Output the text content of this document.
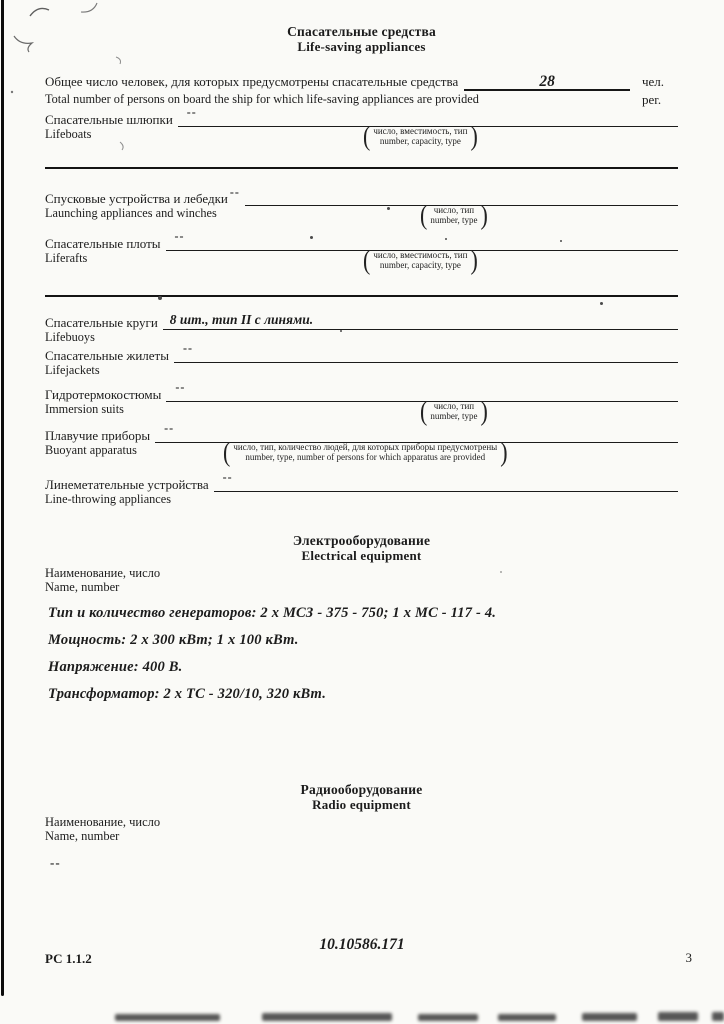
Спасательные средства
Life-saving appliances
Общее число человек, для которых предусмотрены спасательные средства	28	чел.
Total number of persons on board the ship for which life-saving appliances are provided	per.
Спасательные шлюпки	--
Lifeboats	( число, вместимость, тип
number, capacity, type )
Спусковые устройства и лебедки --
Launching appliances and winches	( число, тип
number, type )
Спасательные плоты	--
Liferafts	( число, вместимость, тип
number, capacity, type )
Спасательные круги 8 шт., тип II с линями.
Lifebuoys
Спасательные жилеты	--
Lifejackets
Гидротермокостюмы	--
Immersion suits	( число, тип
number, type )
Плавучие приборы	--
Buoyant apparatus	( число, тип, количество людей, для которых приборы предусмотрены
number, type, number of persons for which apparatus are provided )
Линеметательные устройства	--
Line-throwing appliances
Электрооборудование
Electrical equipment
Наименование, число
Name, number
Тип и количество генераторов: 2 х МСЗ - 375 - 750; 1 х МС - 117 - 4.
Мощность: 2 х 300 кВт; 1 х 100 кВт.
Напряжение: 400 В.
Трансформатор: 2 х ТС - 320/10, 320 кВт.
Радиооборудование
Radio equipment
Наименование, число
Name, number
--
10.10586.171
РС 1.1.2	3
